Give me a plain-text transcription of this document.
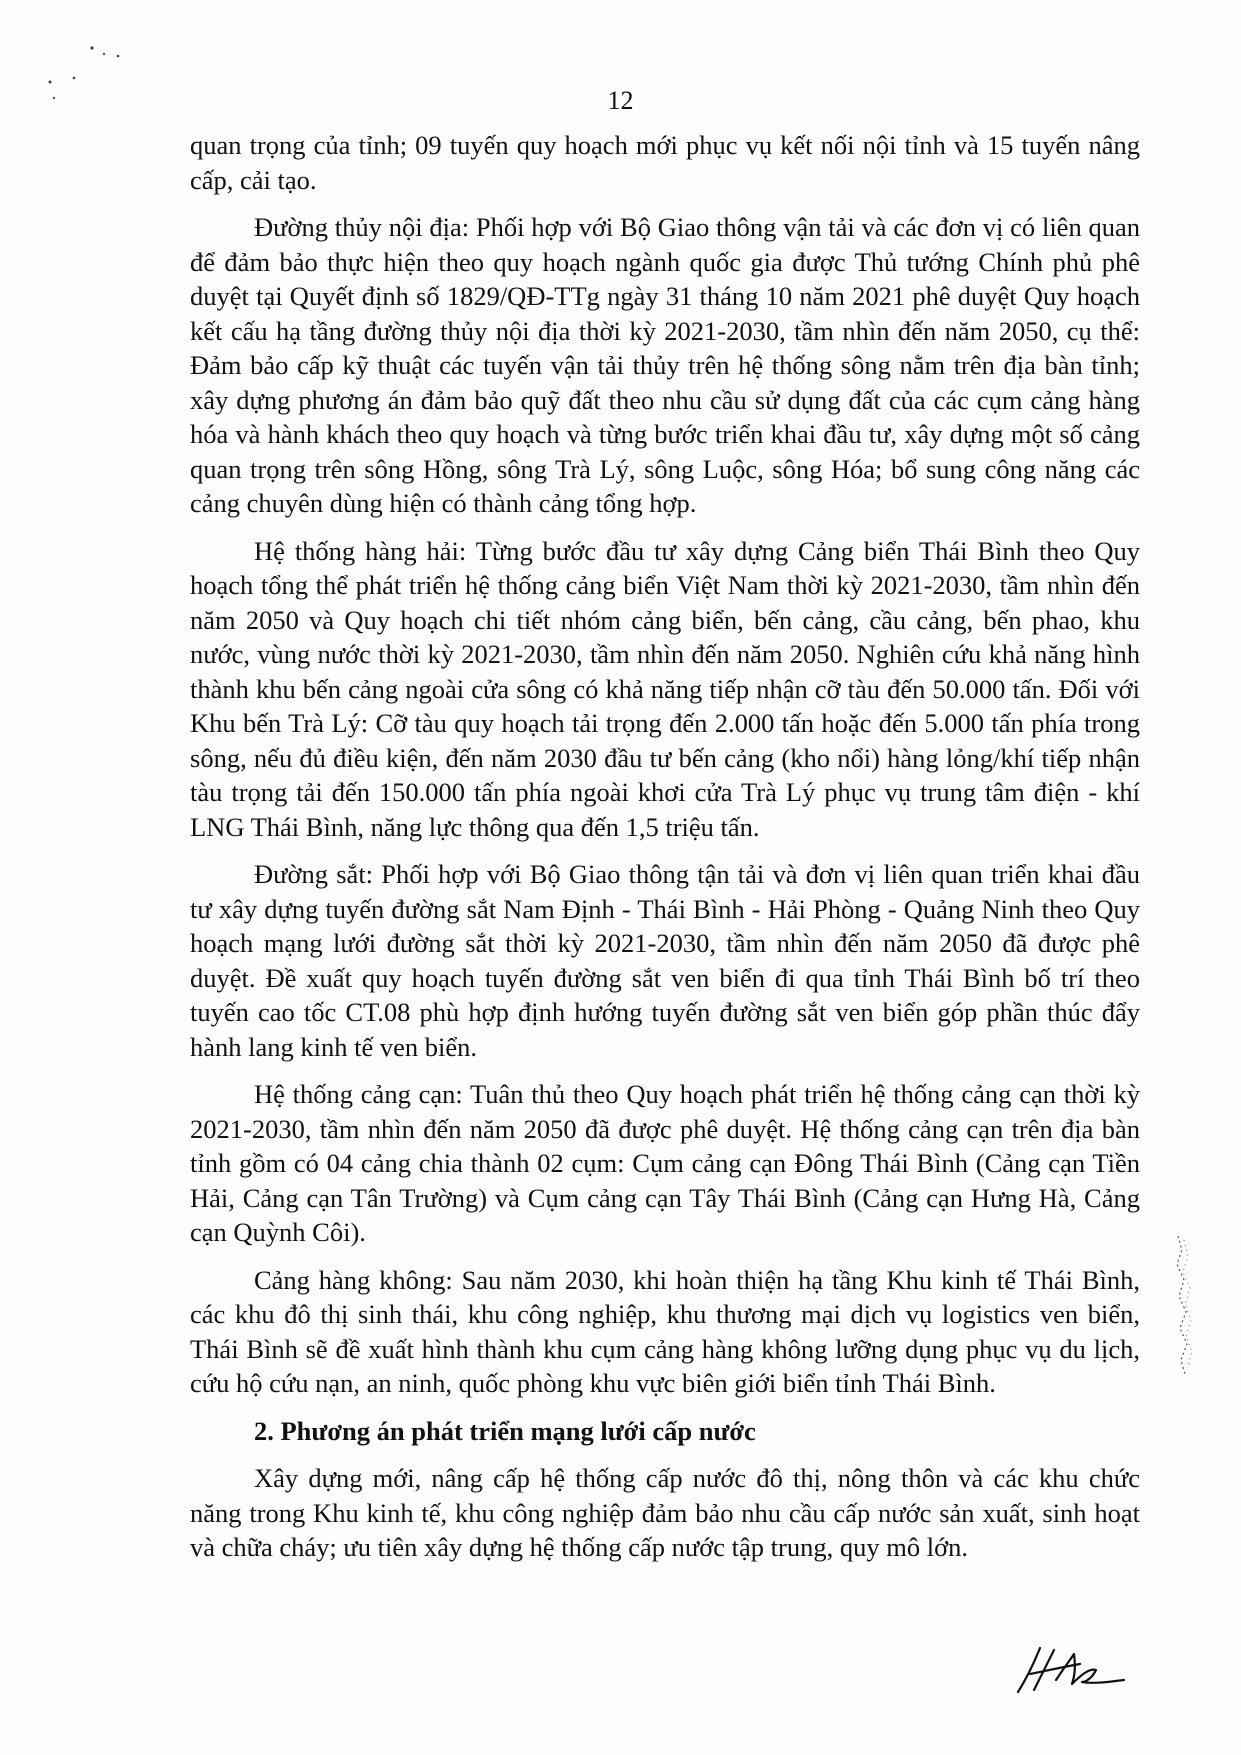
12

quan trọng của tỉnh; 09 tuyến quy hoạch mới phục vụ kết nối nội tỉnh và 15 tuyến nâng cấp, cải tạo.

Đường thủy nội địa: Phối hợp với Bộ Giao thông vận tải và các đơn vị có liên quan để đảm bảo thực hiện theo quy hoạch ngành quốc gia được Thủ tướng Chính phủ phê duyệt tại Quyết định số 1829/QĐ-TTg ngày 31 tháng 10 năm 2021 phê duyệt Quy hoạch kết cấu hạ tầng đường thủy nội địa thời kỳ 2021-2030, tầm nhìn đến năm 2050, cụ thể: Đảm bảo cấp kỹ thuật các tuyến vận tải thủy trên hệ thống sông nằm trên địa bàn tỉnh; xây dựng phương án đảm bảo quỹ đất theo nhu cầu sử dụng đất của các cụm cảng hàng hóa và hành khách theo quy hoạch và từng bước triển khai đầu tư, xây dựng một số cảng quan trọng trên sông Hồng, sông Trà Lý, sông Luộc, sông Hóa; bổ sung công năng các cảng chuyên dùng hiện có thành cảng tổng hợp.

Hệ thống hàng hải: Từng bước đầu tư xây dựng Cảng biển Thái Bình theo Quy hoạch tổng thể phát triển hệ thống cảng biển Việt Nam thời kỳ 2021-2030, tầm nhìn đến năm 2050 và Quy hoạch chi tiết nhóm cảng biển, bến cảng, cầu cảng, bến phao, khu nước, vùng nước thời kỳ 2021-2030, tầm nhìn đến năm 2050. Nghiên cứu khả năng hình thành khu bến cảng ngoài cửa sông có khả năng tiếp nhận cỡ tàu đến 50.000 tấn. Đối với Khu bến Trà Lý: Cỡ tàu quy hoạch tải trọng đến 2.000 tấn hoặc đến 5.000 tấn phía trong sông, nếu đủ điều kiện, đến năm 2030 đầu tư bến cảng (kho nổi) hàng lỏng/khí tiếp nhận tàu trọng tải đến 150.000 tấn phía ngoài khơi cửa Trà Lý phục vụ trung tâm điện - khí LNG Thái Bình, năng lực thông qua đến 1,5 triệu tấn.

Đường sắt: Phối hợp với Bộ Giao thông tận tải và đơn vị liên quan triển khai đầu tư xây dựng tuyến đường sắt Nam Định - Thái Bình - Hải Phòng - Quảng Ninh theo Quy hoạch mạng lưới đường sắt thời kỳ 2021-2030, tầm nhìn đến năm 2050 đã được phê duyệt. Đề xuất quy hoạch tuyến đường sắt ven biển đi qua tỉnh Thái Bình bố trí theo tuyến cao tốc CT.08 phù hợp định hướng tuyến đường sắt ven biển góp phần thúc đẩy hành lang kinh tế ven biển.

Hệ thống cảng cạn: Tuân thủ theo Quy hoạch phát triển hệ thống cảng cạn thời kỳ 2021-2030, tầm nhìn đến năm 2050 đã được phê duyệt. Hệ thống cảng cạn trên địa bàn tỉnh gồm có 04 cảng chia thành 02 cụm: Cụm cảng cạn Đông Thái Bình (Cảng cạn Tiền Hải, Cảng cạn Tân Trường) và Cụm cảng cạn Tây Thái Bình (Cảng cạn Hưng Hà, Cảng cạn Quỳnh Côi).

Cảng hàng không: Sau năm 2030, khi hoàn thiện hạ tầng Khu kinh tế Thái Bình, các khu đô thị sinh thái, khu công nghiệp, khu thương mại dịch vụ logistics ven biển, Thái Bình sẽ đề xuất hình thành khu cụm cảng hàng không lưỡng dụng phục vụ du lịch, cứu hộ cứu nạn, an ninh, quốc phòng khu vực biên giới biển tỉnh Thái Bình.

2. Phương án phát triển mạng lưới cấp nước

Xây dựng mới, nâng cấp hệ thống cấp nước đô thị, nông thôn và các khu chức năng trong Khu kinh tế, khu công nghiệp đảm bảo nhu cầu cấp nước sản xuất, sinh hoạt và chữa cháy; ưu tiên xây dựng hệ thống cấp nước tập trung, quy mô lớn.
